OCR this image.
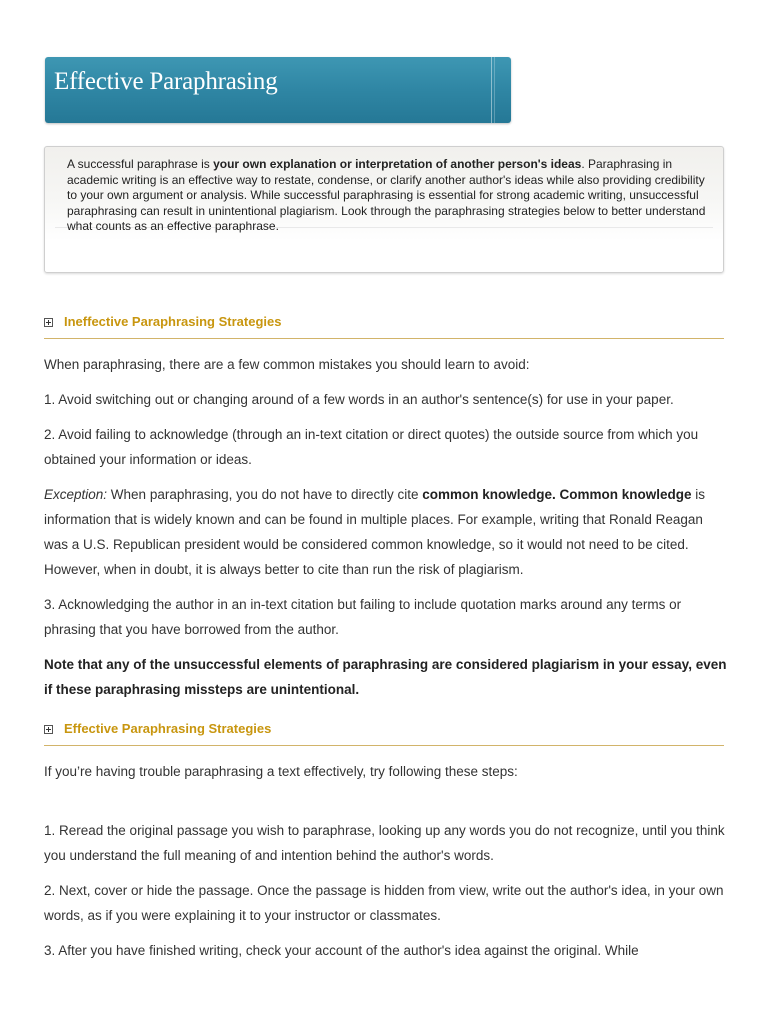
Effective Paraphrasing
A successful paraphrase is your own explanation or interpretation of another person's ideas. Paraphrasing in academic writing is an effective way to restate, condense, or clarify another author's ideas while also providing credibility to your own argument or analysis. While successful paraphrasing is essential for strong academic writing, unsuccessful paraphrasing can result in unintentional plagiarism. Look through the paraphrasing strategies below to better understand what counts as an effective paraphrase.
Ineffective Paraphrasing Strategies
When paraphrasing, there are a few common mistakes you should learn to avoid:
1. Avoid switching out or changing around of a few words in an author's sentence(s) for use in your paper.
2. Avoid failing to acknowledge (through an in-text citation or direct quotes) the outside source from which you obtained your information or ideas.
Exception: When paraphrasing, you do not have to directly cite common knowledge. Common knowledge is information that is widely known and can be found in multiple places. For example, writing that Ronald Reagan was a U.S. Republican president would be considered common knowledge, so it would not need to be cited. However, when in doubt, it is always better to cite than run the risk of plagiarism.
3. Acknowledging the author in an in-text citation but failing to include quotation marks around any terms or phrasing that you have borrowed from the author.
Note that any of the unsuccessful elements of paraphrasing are considered plagiarism in your essay, even if these paraphrasing missteps are unintentional.
Effective Paraphrasing Strategies
If you’re having trouble paraphrasing a text effectively, try following these steps:
1. Reread the original passage you wish to paraphrase, looking up any words you do not recognize, until you think you understand the full meaning of and intention behind the author's words.
2. Next, cover or hide the passage. Once the passage is hidden from view, write out the author's idea, in your own words, as if you were explaining it to your instructor or classmates.
3. After you have finished writing, check your account of the author's idea against the original. While
